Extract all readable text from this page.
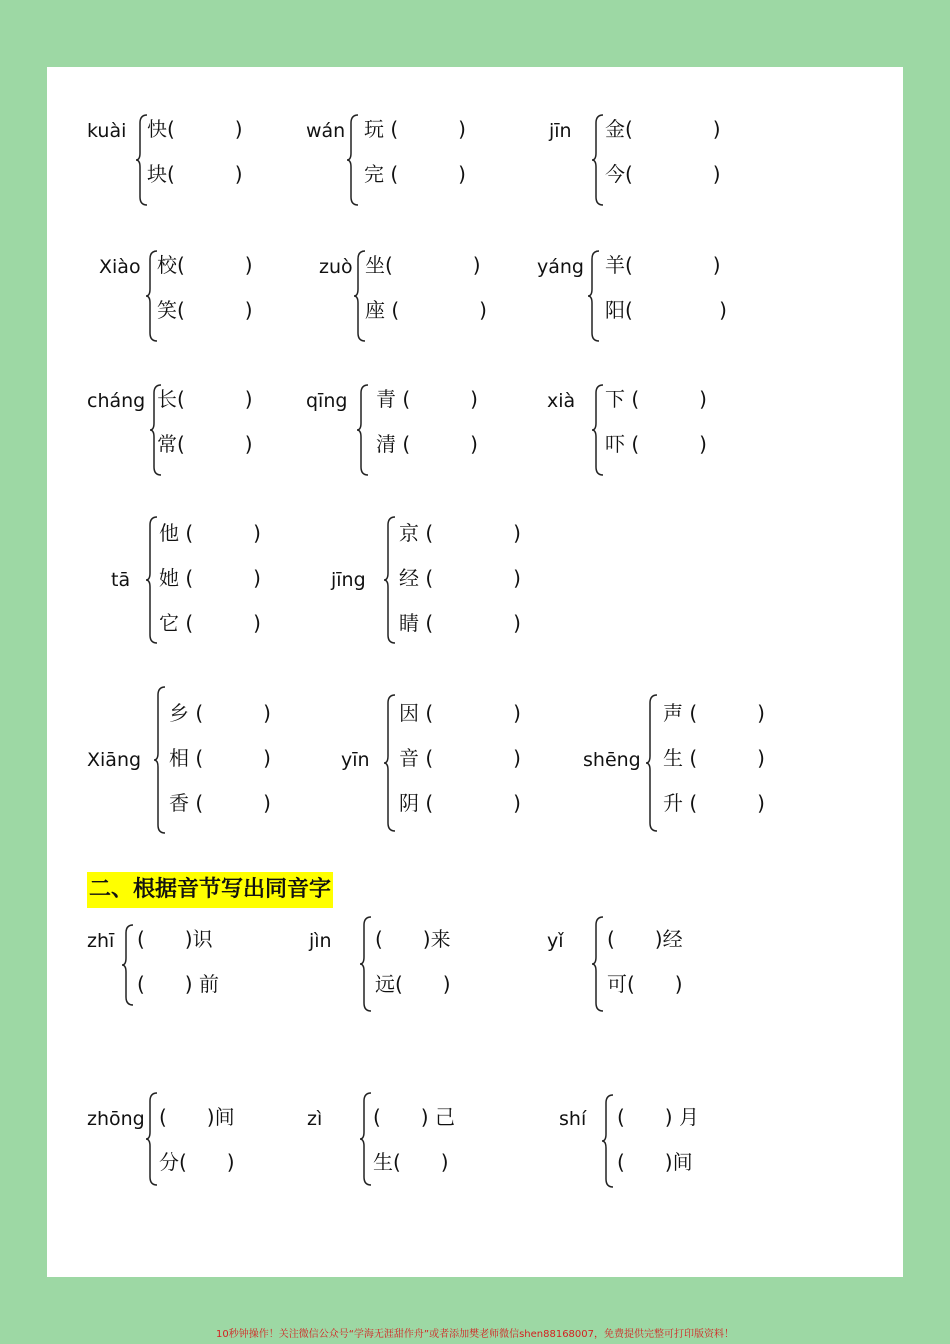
kuài 快(　　　)
块(　　　)
wán 玩 (　　　)
完 (　　　)
jīn 金(　　　　)
今(　　　　)
Xiào 校(　　　)
笑(　　　)
zuò 坐(　　　　)
座 (　　　　)
yáng 羊(　　　　)
阳(　　　　 )
cháng 长(　　　)
常(　　　)
qīng 青 (　　　)
清 (　　　)
xià 下 (　　　)
吓 (　　　)
tā
他 (　　　)
她 (　　　)
它 (　　　)
jīng
京 (　　　　)
经 (　　　　)
睛 (　　　　)
Xiāng
乡 (　　　)
相 (　　　)
香 (　　　)
yīn
因 (　　　　)
音 (　　　　)
阴 (　　　　)
shēng
声 (　　　)
生 (　　　)
升 (　　　)
二、根据音节写出同音字
zhī (　　)识
(　　) 前
jìn (　　)来
远(　　)
yǐ (　　)经
可(　　)
zhōng (　　)间
分(　　)
zì	(　　) 己
生(　　)
shí (　　) 月
(　　)间
10秒钟操作！关注微信公众号“学海无涯甜作舟”或者添加樊老师微信shen88168007，免费提供完整可打印版资料！
